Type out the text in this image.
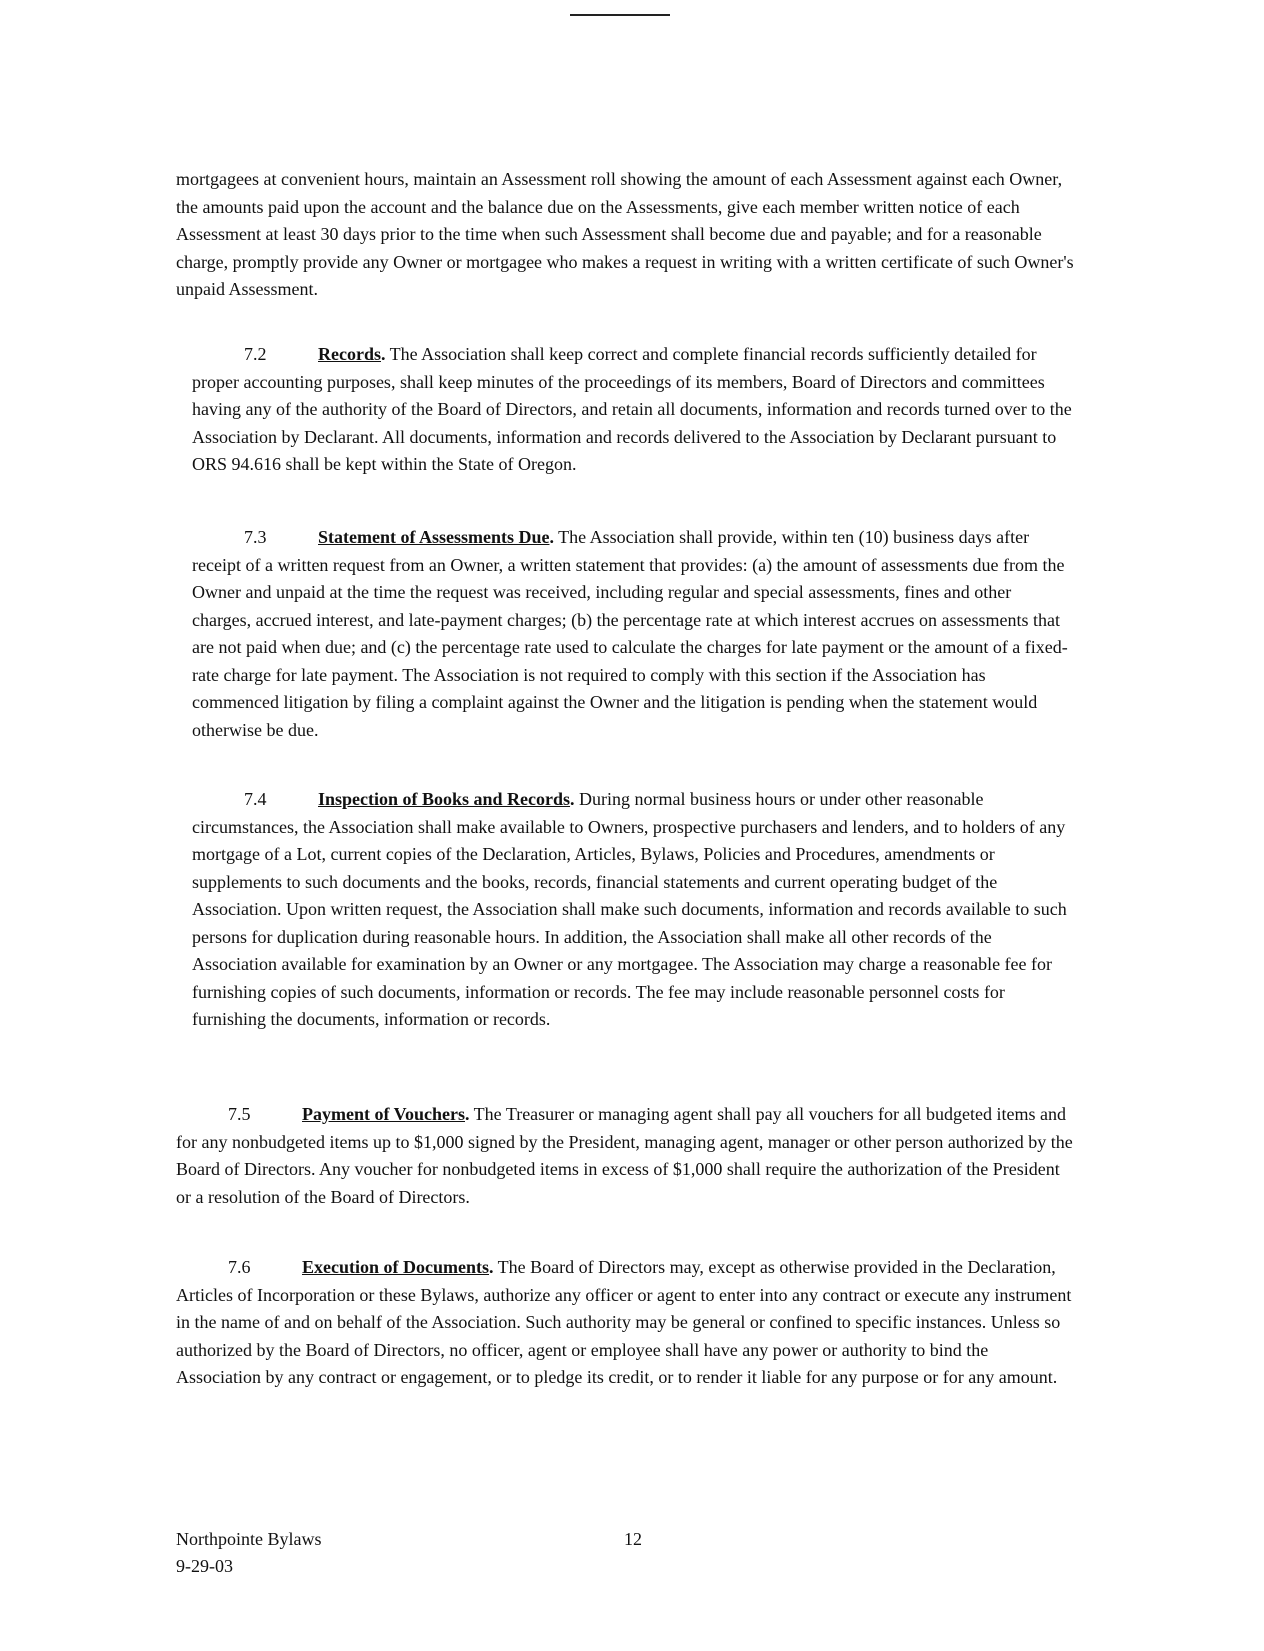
mortgagees at convenient hours, maintain an Assessment roll showing the amount of each Assessment against each Owner, the amounts paid upon the account and the balance due on the Assessments, give each member written notice of each Assessment at least 30 days prior to the time when such Assessment shall become due and payable; and for a reasonable charge, promptly provide any Owner or mortgagee who makes a request in writing with a written certificate of such Owner's unpaid Assessment.

7.2	Records. The Association shall keep correct and complete financial records sufficiently detailed for proper accounting purposes, shall keep minutes of the proceedings of its members, Board of Directors and committees having any of the authority of the Board of Directors, and retain all documents, information and records turned over to the Association by Declarant. All documents, information and records delivered to the Association by Declarant pursuant to ORS 94.616 shall be kept within the State of Oregon.

7.3	Statement of Assessments Due. The Association shall provide, within ten (10) business days after receipt of a written request from an Owner, a written statement that provides: (a) the amount of assessments due from the Owner and unpaid at the time the request was received, including regular and special assessments, fines and other charges, accrued interest, and late-payment charges; (b) the percentage rate at which interest accrues on assessments that are not paid when due; and (c) the percentage rate used to calculate the charges for late payment or the amount of a fixed-rate charge for late payment. The Association is not required to comply with this section if the Association has commenced litigation by filing a complaint against the Owner and the litigation is pending when the statement would otherwise be due.

7.4	Inspection of Books and Records. During normal business hours or under other reasonable circumstances, the Association shall make available to Owners, prospective purchasers and lenders, and to holders of any mortgage of a Lot, current copies of the Declaration, Articles, Bylaws, Policies and Procedures, amendments or supplements to such documents and the books, records, financial statements and current operating budget of the Association. Upon written request, the Association shall make such documents, information and records available to such persons for duplication during reasonable hours. In addition, the Association shall make all other records of the Association available for examination by an Owner or any mortgagee. The Association may charge a reasonable fee for furnishing copies of such documents, information or records. The fee may include reasonable personnel costs for furnishing the documents, information or records.

7.5	Payment of Vouchers. The Treasurer or managing agent shall pay all vouchers for all budgeted items and for any nonbudgeted items up to $1,000 signed by the President, managing agent, manager or other person authorized by the Board of Directors. Any voucher for nonbudgeted items in excess of $1,000 shall require the authorization of the President or a resolution of the Board of Directors.

7.6	Execution of Documents. The Board of Directors may, except as otherwise provided in the Declaration, Articles of Incorporation or these Bylaws, authorize any officer or agent to enter into any contract or execute any instrument in the name of and on behalf of the Association. Such authority may be general or confined to specific instances. Unless so authorized by the Board of Directors, no officer, agent or employee shall have any power or authority to bind the Association by any contract or engagement, or to pledge its credit, or to render it liable for any purpose or for any amount.

Northpointe Bylaws
9-29-03
12
